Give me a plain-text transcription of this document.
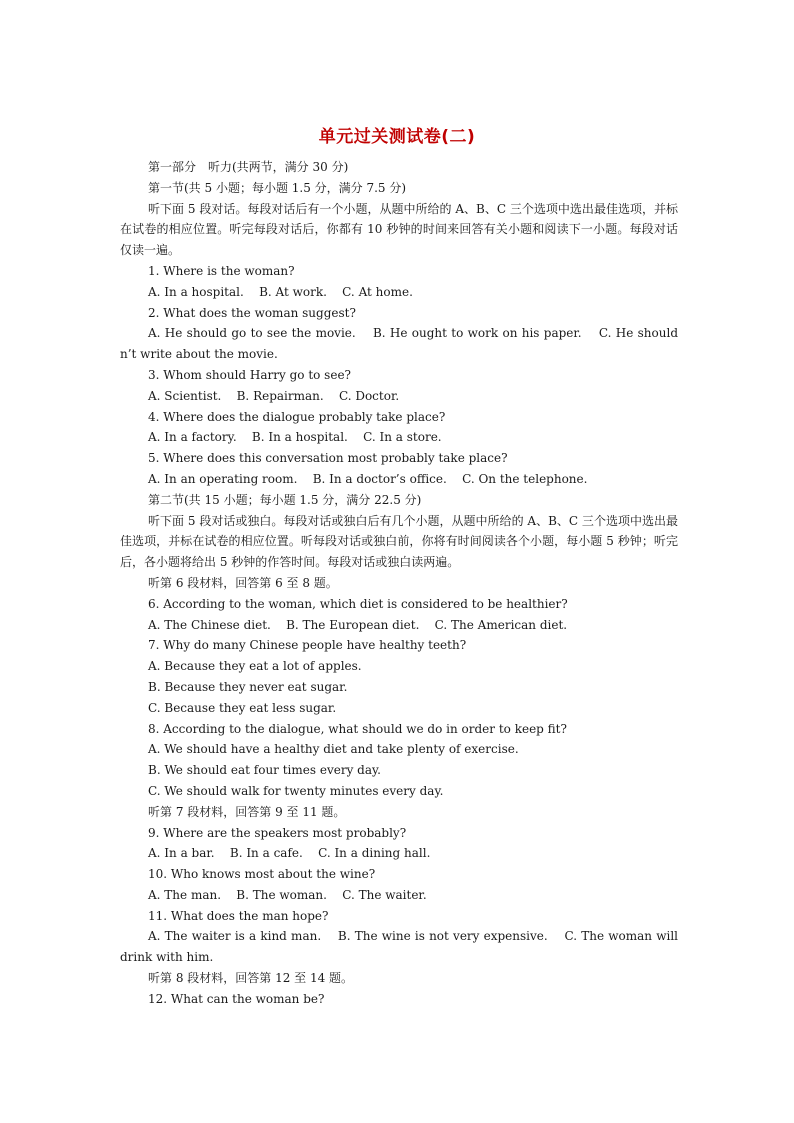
单元过关测试卷(二)
第一部分　听力(共两节，满分 30 分)
第一节(共 5 小题；每小题 1.5 分，满分 7.5 分)
听下面 5 段对话。每段对话后有一个小题，从题中所给的 A、B、C 三个选项中选出最佳选项，并标在试卷的相应位置。听完每段对话后，你都有 10 秒钟的时间来回答有关小题和阅读下一小题。每段对话仅读一遍。
1. Where is the woman?
A. In a hospital.    B. At work.    C. At home.
2. What does the woman suggest?
A. He should go to see the movie.    B. He ought to work on his paper.    C. He shouldn’t write about the movie.
3. Whom should Harry go to see?
A. Scientist.    B. Repairman.    C. Doctor.
4. Where does the dialogue probably take place?
A. In a factory.    B. In a hospital.    C. In a store.
5. Where does this conversation most probably take place?
A. In an operating room.    B. In a doctor’s office.    C. On the telephone.
第二节(共 15 小题；每小题 1.5 分，满分 22.5 分)
听下面 5 段对话或独白。每段对话或独白后有几个小题，从题中所给的 A、B、C 三个选项中选出最佳选项，并标在试卷的相应位置。听每段对话或独白前，你将有时间阅读各个小题，每小题 5 秒钟；听完后，各小题将给出 5 秒钟的作答时间。每段对话或独白读两遍。
听第 6 段材料，回答第 6 至 8 题。
6. According to the woman, which diet is considered to be healthier?
A. The Chinese diet.    B. The European diet.    C. The American diet.
7. Why do many Chinese people have healthy teeth?
A. Because they eat a lot of apples.
B. Because they never eat sugar.
C. Because they eat less sugar.
8. According to the dialogue, what should we do in order to keep fit?
A. We should have a healthy diet and take plenty of exercise.
B. We should eat four times every day.
C. We should walk for twenty minutes every day.
听第 7 段材料，回答第 9 至 11 题。
9. Where are the speakers most probably?
A. In a bar.    B. In a cafe.    C. In a dining hall.
10. Who knows most about the wine?
A. The man.    B. The woman.    C. The waiter.
11. What does the man hope?
A. The waiter is a kind man.    B. The wine is not very expensive.    C. The woman will drink with him.
听第 8 段材料，回答第 12 至 14 题。
12. What can the woman be?
